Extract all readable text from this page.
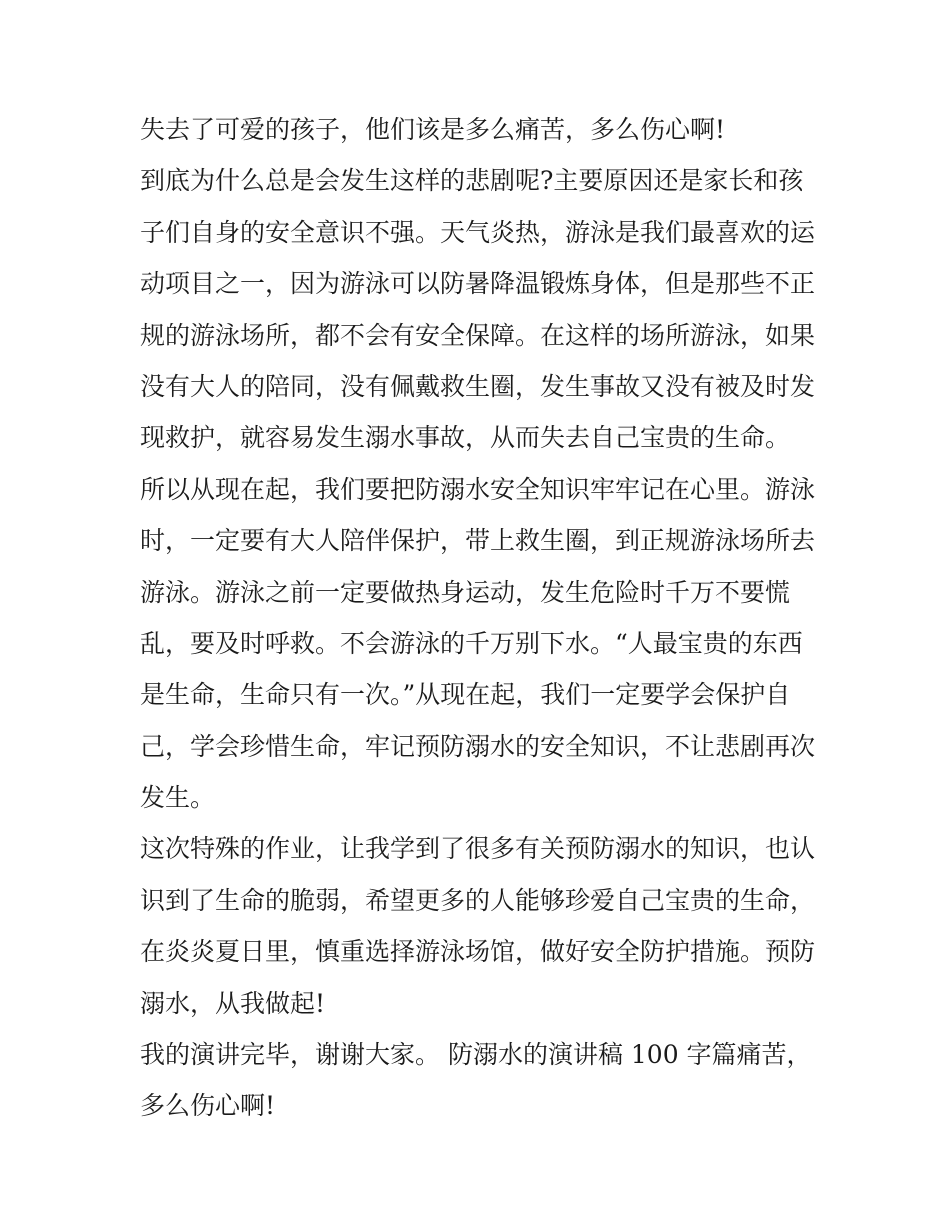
失去了可爱的孩子，他们该是多么痛苦，多么伤心啊!
到底为什么总是会发生这样的悲剧呢?主要原因还是家长和孩
子们自身的安全意识不强。天气炎热，游泳是我们最喜欢的运
动项目之一，因为游泳可以防暑降温锻炼身体，但是那些不正
规的游泳场所，都不会有安全保障。在这样的场所游泳，如果
没有大人的陪同，没有佩戴救生圈，发生事故又没有被及时发
现救护，就容易发生溺水事故，从而失去自己宝贵的生命。
所以从现在起，我们要把防溺水安全知识牢牢记在心里。游泳
时，一定要有大人陪伴保护，带上救生圈，到正规游泳场所去
游泳。游泳之前一定要做热身运动，发生危险时千万不要慌
乱，要及时呼救。不会游泳的千万别下水。“人最宝贵的东西
是生命，生命只有一次。”从现在起，我们一定要学会保护自
己，学会珍惜生命，牢记预防溺水的安全知识，不让悲剧再次
发生。
这次特殊的作业，让我学到了很多有关预防溺水的知识，也认
识到了生命的脆弱，希望更多的人能够珍爱自己宝贵的生命，
在炎炎夏日里，慎重选择游泳场馆，做好安全防护措施。预防
溺水，从我做起!
我的演讲完毕，谢谢大家。 防溺水的演讲稿 100 字篇痛苦，
多么伤心啊!
